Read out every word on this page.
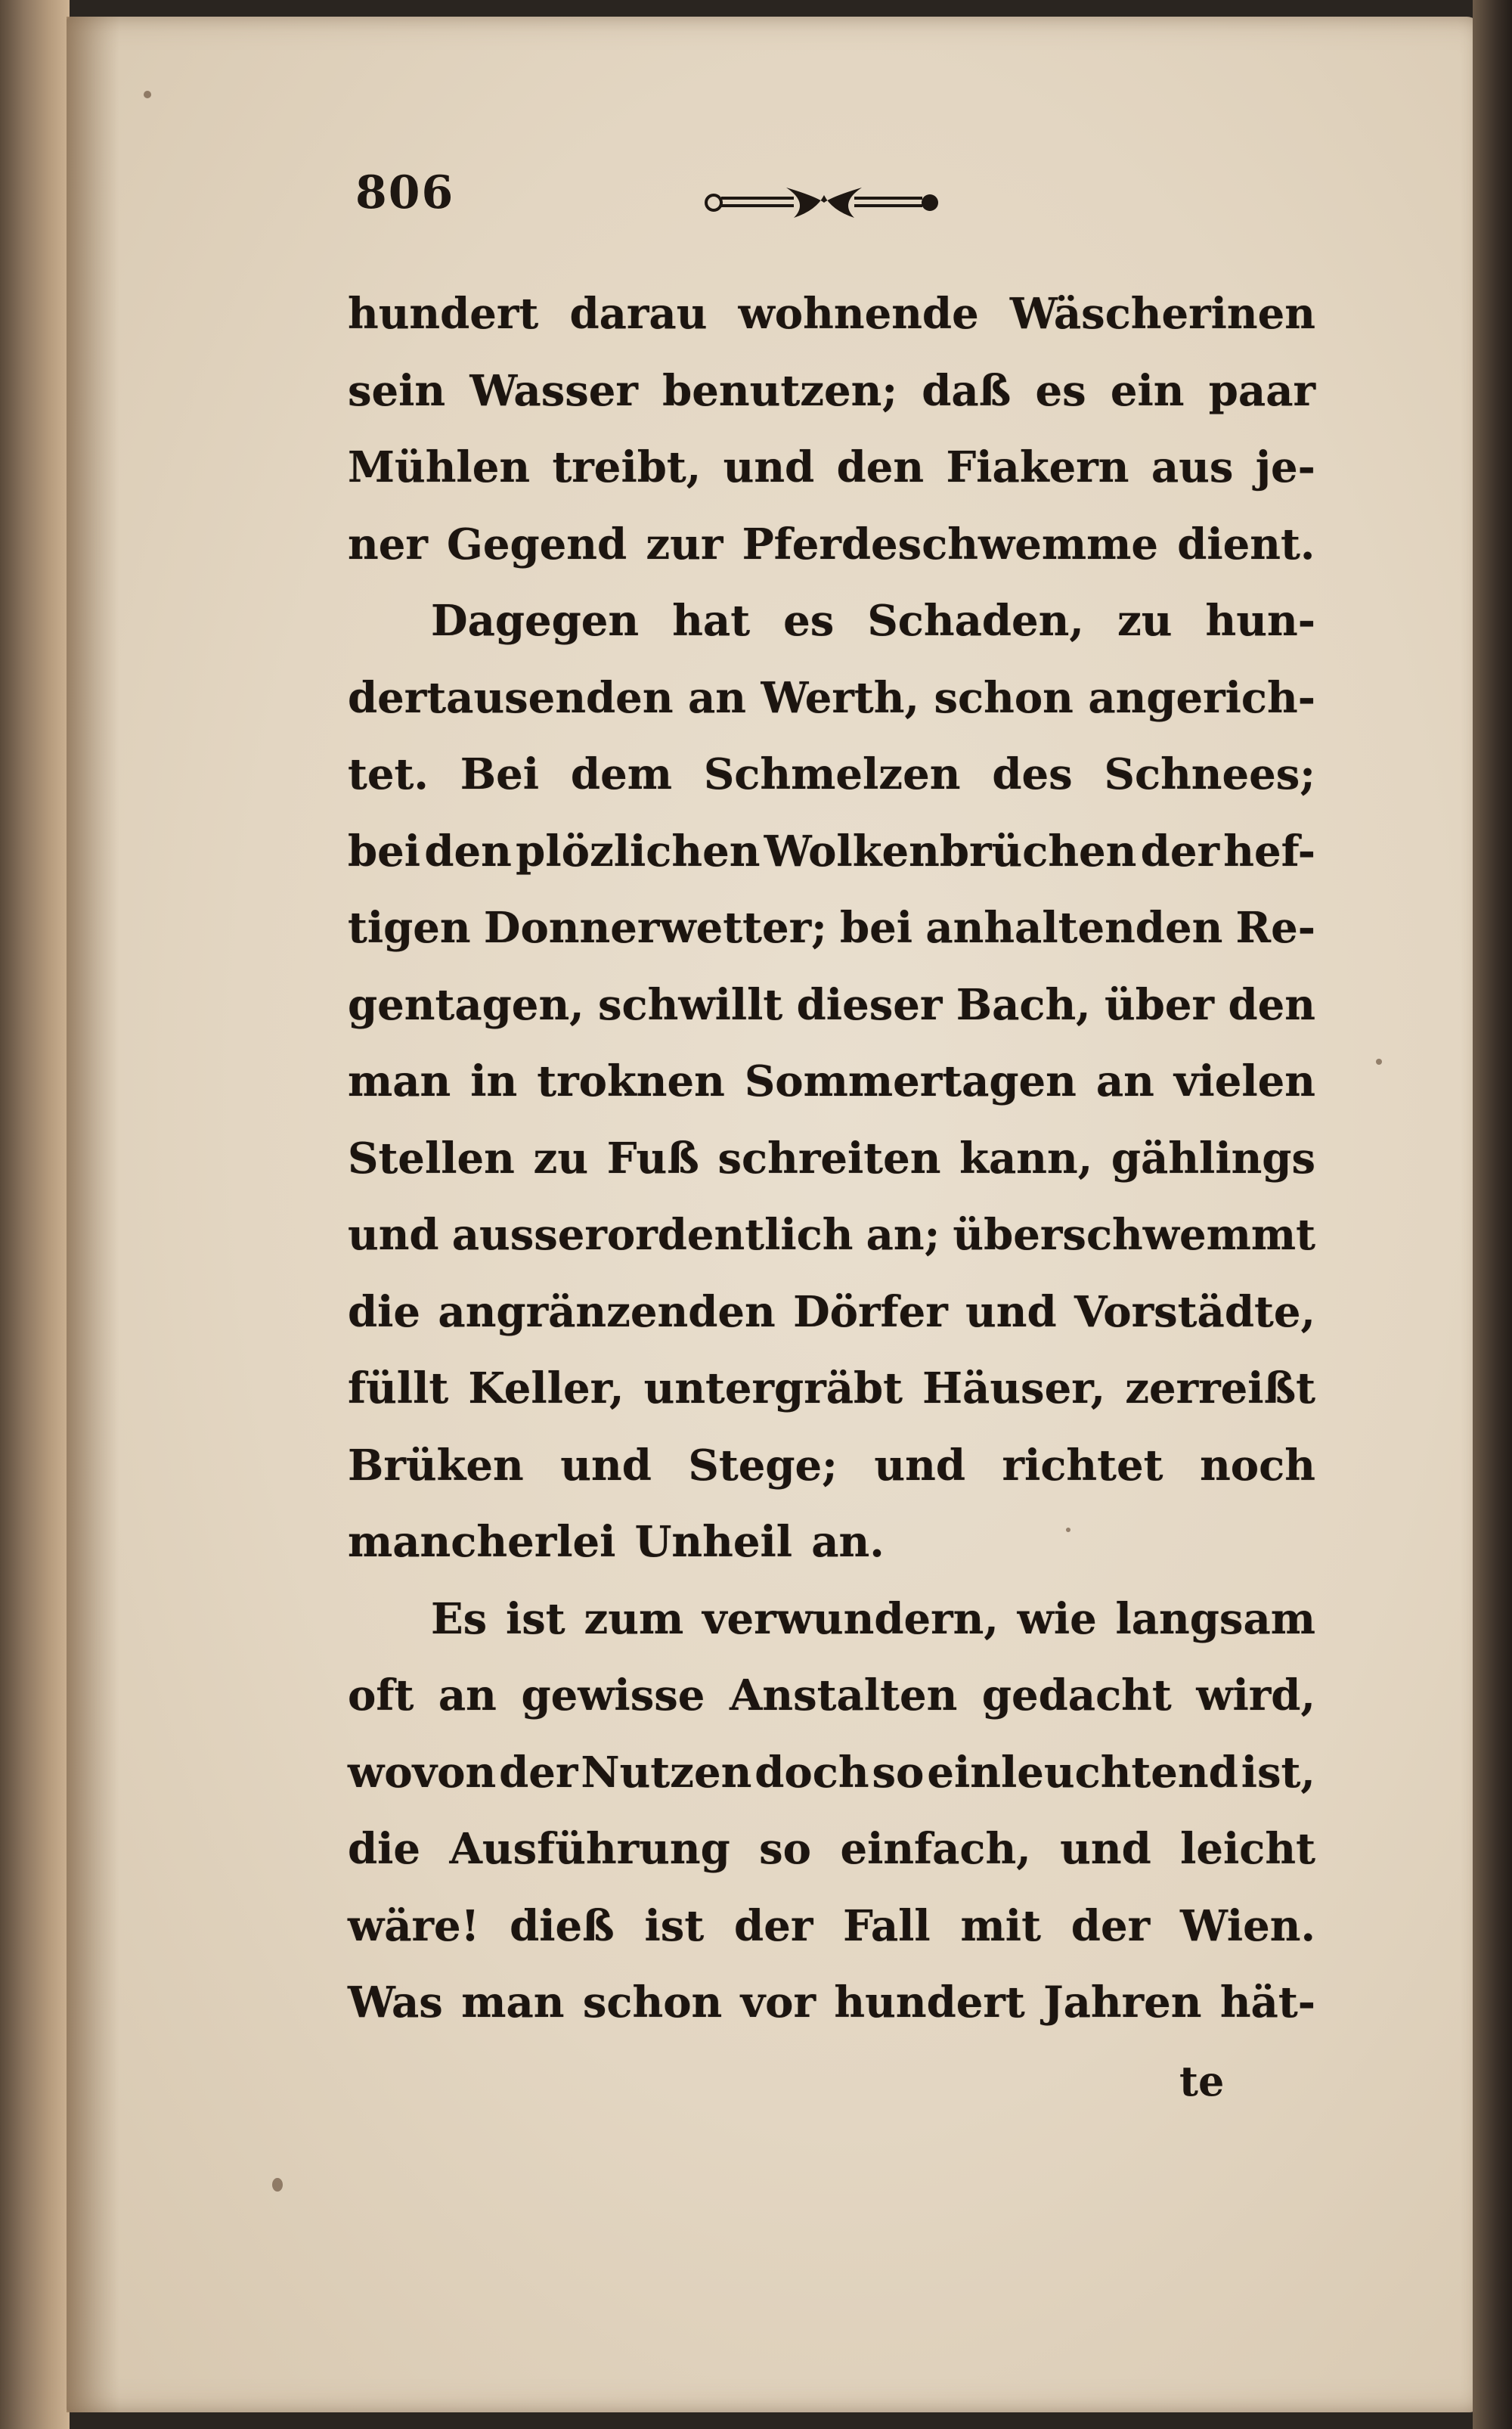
806
hundert darau wohnende Wäscherinen
sein Wasser benutzen; daß es ein paar
Mühlen treibt, und den Fiakern aus je-
ner Gegend zur Pferdeschwemme dient.
Dagegen hat es Schaden, zu hun-
dertausenden an Werth, schon angerich-
tet. Bei dem Schmelzen des Schnees;
bei den plözlichen Wolkenbrüchen der hef-
tigen Donnerwetter; bei anhaltenden Re-
gentagen, schwillt dieser Bach, über den
man in troknen Sommertagen an vielen
Stellen zu Fuß schreiten kann, gählings
und ausserordentlich an; überschwemmt
die angränzenden Dörfer und Vorstädte,
füllt Keller, untergräbt Häuser, zerreißt
Brüken und Stege; und richtet noch
mancherlei Unheil an.
Es ist zum verwundern, wie langsam
oft an gewisse Anstalten gedacht wird,
wovon der Nutzen doch so einleuchtend ist,
die Ausführung so einfach, und leicht
wäre! dieß ist der Fall mit der Wien.
Was man schon vor hundert Jahren hät-
te
